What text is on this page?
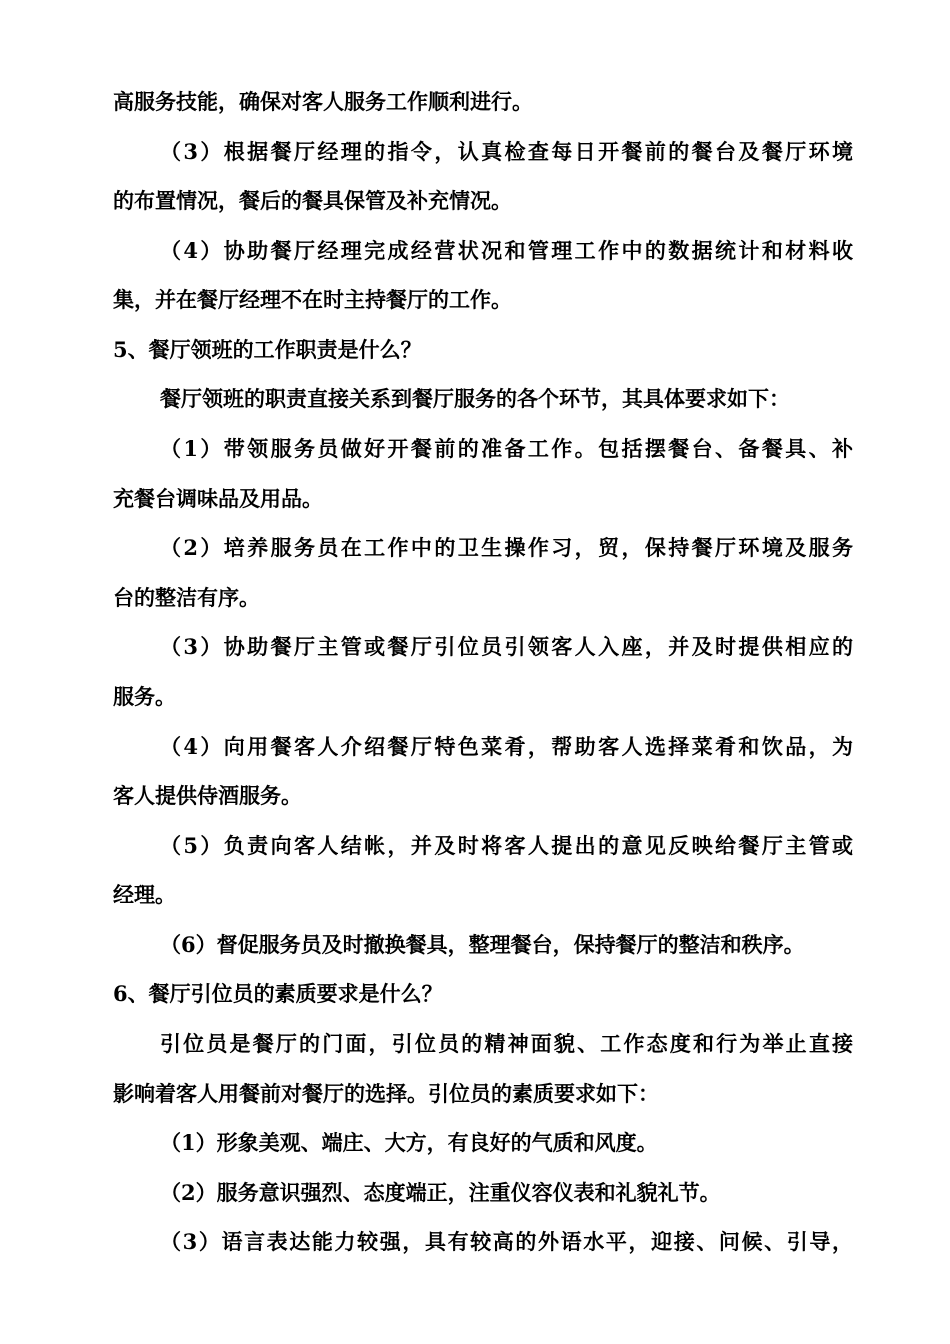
高服务技能，确保对客人服务工作顺利进行。
（3）根据餐厅经理的指令，认真检查每日开餐前的餐台及餐厅环境
的布置情况，餐后的餐具保管及补充情况。
（4）协助餐厅经理完成经营状况和管理工作中的数据统计和材料收
集，并在餐厅经理不在时主持餐厅的工作。
5、餐厅领班的工作职责是什么？
餐厅领班的职责直接关系到餐厅服务的各个环节，其具体要求如下：
（1）带领服务员做好开餐前的准备工作。包括摆餐台、备餐具、补
充餐台调味品及用品。
（2）培养服务员在工作中的卫生操作习，贸，保持餐厅环境及服务
台的整洁有序。
（3）协助餐厅主管或餐厅引位员引领客人入座，并及时提供相应的
服务。
（4）向用餐客人介绍餐厅特色菜肴，帮助客人选择菜肴和饮品，为
客人提供侍酒服务。
（5）负责向客人结帐，并及时将客人提出的意见反映给餐厅主管或
经理。
（6）督促服务员及时撤换餐具，整理餐台，保持餐厅的整洁和秩序。
6、餐厅引位员的素质要求是什么？
引位员是餐厅的门面，引位员的精神面貌、工作态度和行为举止直接
影响着客人用餐前对餐厅的选择。引位员的素质要求如下：
（1）形象美观、端庄、大方，有良好的气质和风度。
（2）服务意识强烈、态度端正，注重仪容仪表和礼貌礼节。
（3）语言表达能力较强，具有较高的外语水平，迎接、问候、引导，
